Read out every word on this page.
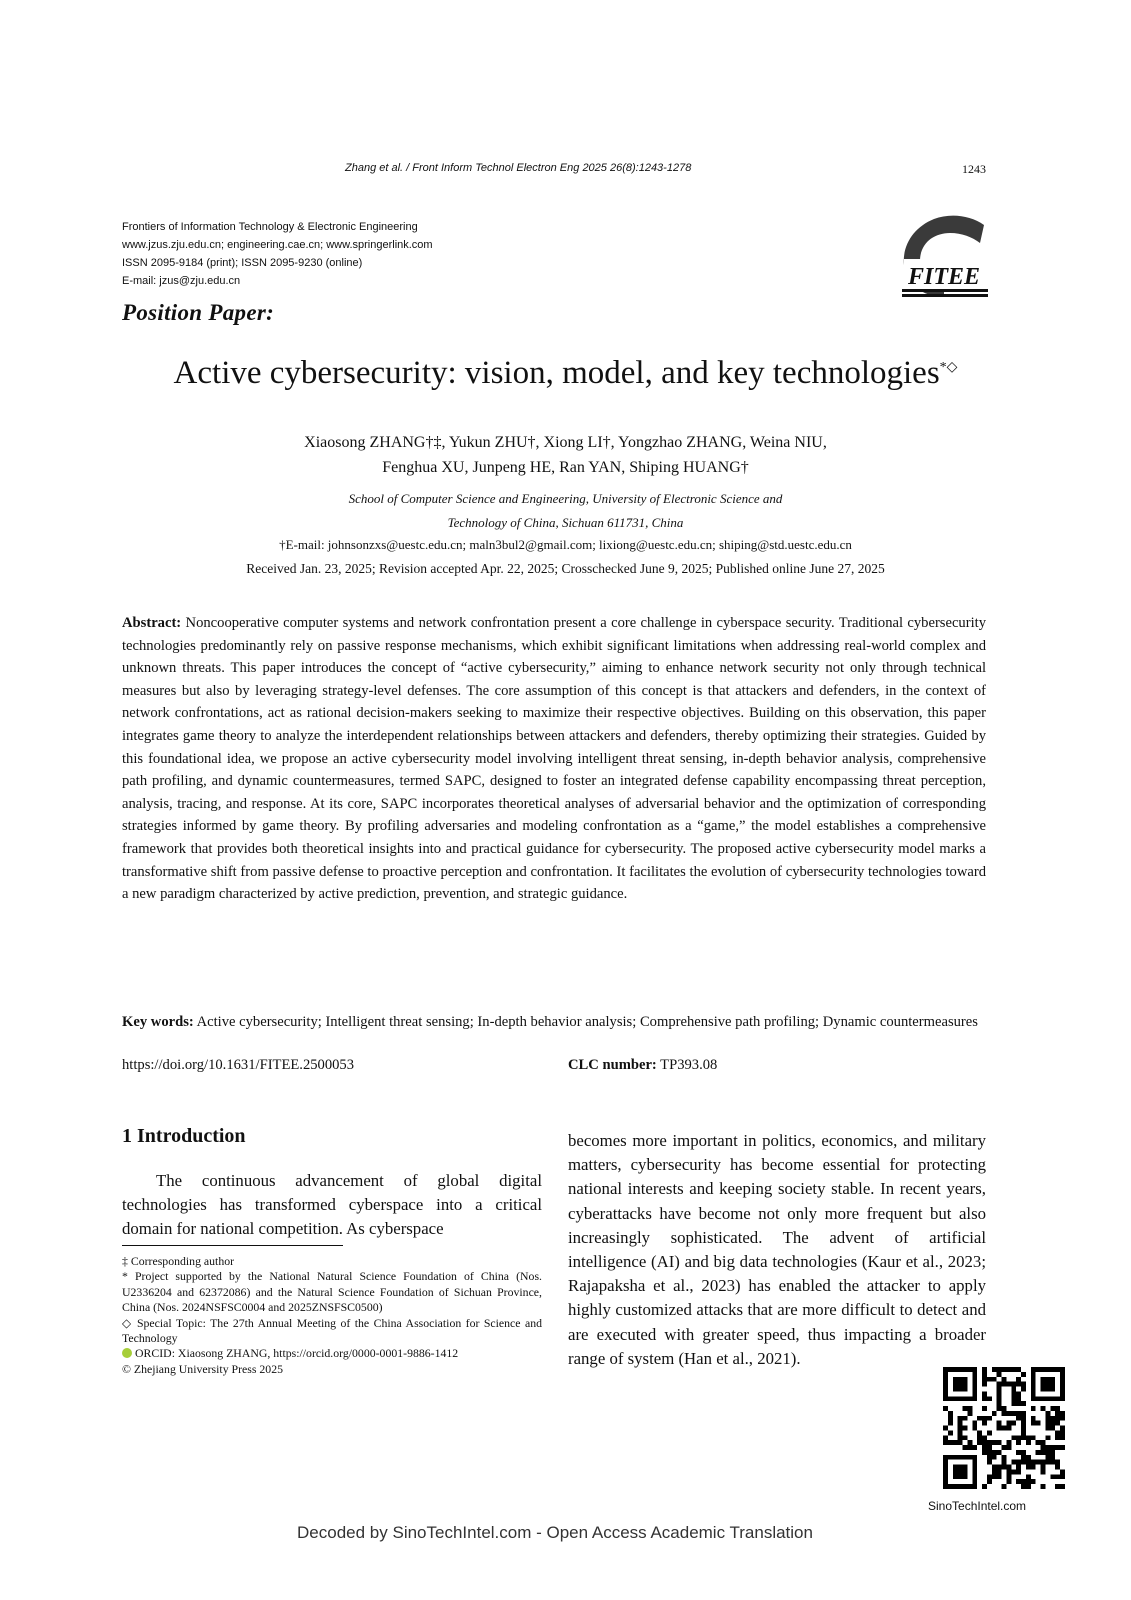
Zhang et al. / Front Inform Technol Electron Eng 2025 26(8):1243-1278	1243
Frontiers of Information Technology & Electronic Engineering
www.jzus.zju.edu.cn; engineering.cae.cn; www.springerlink.com
ISSN 2095-9184 (print); ISSN 2095-9230 (online)
E-mail: jzus@zju.edu.cn	FITEE
Position Paper:
Active cybersecurity: vision, model, and key technologies*◇
Xiaosong ZHANG†‡, Yukun ZHU†, Xiong LI†, Yongzhao ZHANG, Weina NIU,
Fenghua XU, Junpeng HE, Ran YAN, Shiping HUANG†
School of Computer Science and Engineering, University of Electronic Science and
Technology of China, Sichuan 611731, China
†E-mail: johnsonzxs@uestc.edu.cn; maln3bul2@gmail.com; lixiong@uestc.edu.cn; shiping@std.uestc.edu.cn
Received Jan. 23, 2025; Revision accepted Apr. 22, 2025; Crosschecked June 9, 2025; Published online June 27, 2025
Abstract: Noncooperative computer systems and network confrontation present a core challenge in cyberspace security. Traditional cybersecurity technologies predominantly rely on passive response mechanisms, which exhibit significant limitations when addressing real-world complex and unknown threats. This paper introduces the concept of “active cybersecurity,” aiming to enhance network security not only through technical measures but also by leveraging strategy-level defenses. The core assumption of this concept is that attackers and defenders, in the context of network confrontations, act as rational decision-makers seeking to maximize their respective objectives. Building on this observation, this paper integrates game theory to analyze the interdependent relationships between attackers and defenders, thereby optimizing their strategies. Guided by this foundational idea, we propose an active cybersecurity model involving intelligent threat sensing, in-depth behavior analysis, comprehensive path profiling, and dynamic countermeasures, termed SAPC, designed to foster an integrated defense capability encompassing threat perception, analysis, tracing, and response. At its core, SAPC incorporates theoretical analyses of adversarial behavior and the optimization of corresponding strategies informed by game theory. By profiling adversaries and modeling confrontation as a “game,” the model establishes a comprehensive framework that provides both theoretical insights into and practical guidance for cybersecurity. The proposed active cybersecurity model marks a transformative shift from passive defense to proactive perception and confrontation. It facilitates the evolution of cybersecurity technologies toward a new paradigm characterized by active prediction, prevention, and strategic guidance.
Key words: Active cybersecurity; Intelligent threat sensing; In-depth behavior analysis; Comprehensive path profiling; Dynamic countermeasures
https://doi.org/10.1631/FITEE.2500053	CLC number: TP393.08
1 Introduction

The continuous advancement of global digital technologies has transformed cyberspace into a critical domain for national competition. As cyberspace

‡ Corresponding author

* Project supported by the National Natural Science Foundation of China (Nos. U2336204 and 62372086) and the Natural Science Foundation of Sichuan Province, China (Nos. 2024NSFSC0004 and 2025ZNSFSC0500)

◇ Special Topic: The 27th Annual Meeting of the China Association for Science and Technology

ORCID: Xiaosong ZHANG, https://orcid.org/0000-0001-9886-1412

© Zhejiang University Press 2025

becomes more important in politics, economics, and military matters, cybersecurity has become essential for protecting national interests and keeping society stable. In recent years, cyberattacks have become not only more frequent but also increasingly sophisticated. The advent of artificial intelligence (AI) and big data technologies (Kaur et al., 2023; Rajapaksha et al., 2023) has enabled the attacker to apply highly customized attacks that are more difficult to detect and are executed with greater speed, thus impacting a broader range of system (Han et al., 2021).

SinoTechIntel.com
Decoded by SinoTechIntel.com - Open Access Academic Translation
